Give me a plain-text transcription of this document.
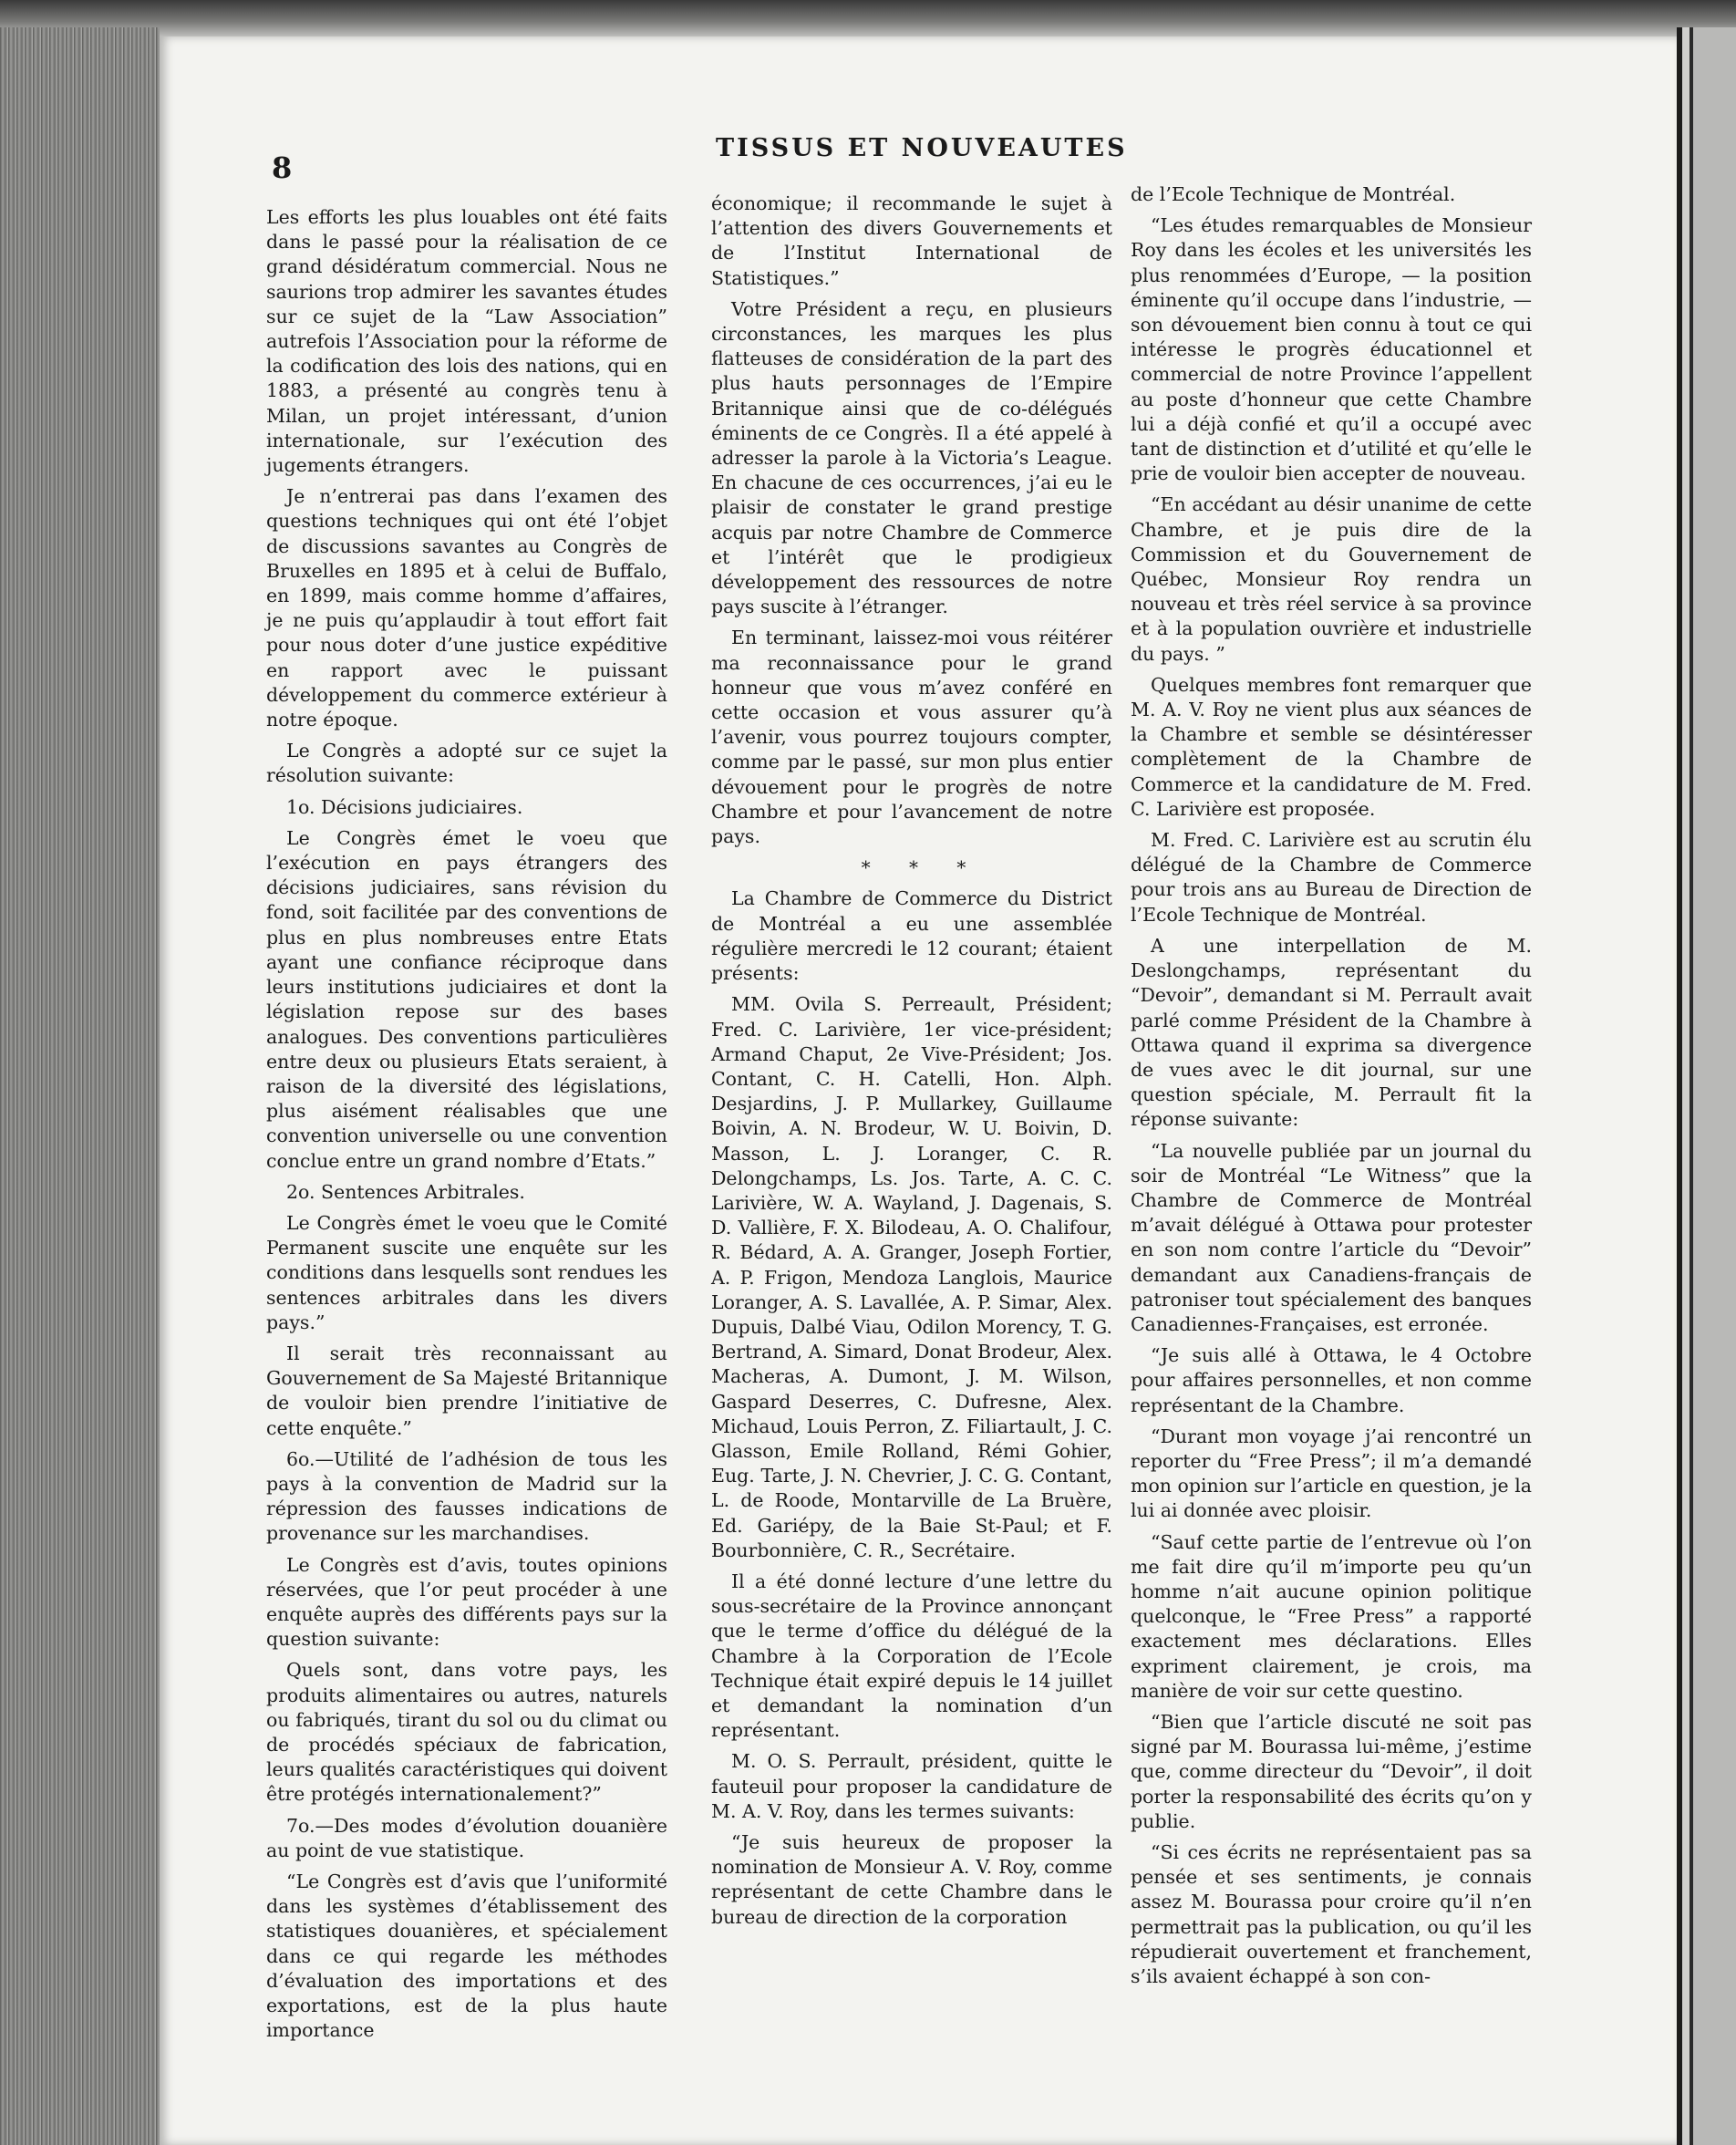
8
TISSUS ET NOUVEAUTES

Les efforts les plus louables ont été faits dans le passé pour la réalisation de ce grand désidératum commercial. Nous ne saurions trop admirer les savantes études sur ce sujet de la “Law Association” autrefois l’Association pour la réforme de la codification des lois des nations, qui en 1883, a présenté au congrès tenu à Milan, un projet intéressant, d’union internationale, sur l’exécution des jugements étrangers.

Je n’entrerai pas dans l’examen des questions techniques qui ont été l’objet de discussions savantes au Congrès de Bruxelles en 1895 et à celui de Buffalo, en 1899, mais comme homme d’affaires, je ne puis qu’applaudir à tout effort fait pour nous doter d’une justice expéditive en rapport avec le puissant développement du commerce extérieur à notre époque.

Le Congrès a adopté sur ce sujet la résolution suivante:

1o. Décisions judiciaires.

Le Congrès émet le voeu que l’exécution en pays étrangers des décisions judiciaires, sans révision du fond, soit facilitée par des conventions de plus en plus nombreuses entre Etats ayant une confiance réciproque dans leurs institutions judiciaires et dont la législation repose sur des bases analogues. Des conventions particulières entre deux ou plusieurs Etats seraient, à raison de la diversité des législations, plus aisément réalisables que une convention universelle ou une convention conclue entre un grand nombre d’Etats.”

2o. Sentences Arbitrales.

Le Congrès émet le voeu que le Comité Permanent suscite une enquête sur les conditions dans lesquells sont rendues les sentences arbitrales dans les divers pays.”

Il serait très reconnaissant au Gouvernement de Sa Majesté Britannique de vouloir bien prendre l’initiative de cette enquête.”

6o.—Utilité de l’adhésion de tous les pays à la convention de Madrid sur la répression des fausses indications de provenance sur les marchandises.

Le Congrès est d’avis, toutes opinions réservées, que l’or peut procéder à une enquête auprès des différents pays sur la question suivante:

Quels sont, dans votre pays, les produits alimentaires ou autres, naturels ou fabriqués, tirant du sol ou du climat ou de procédés spéciaux de fabrication, leurs qualités caractéristiques qui doivent être protégés internationalement?”

7o.—Des modes d’évolution douanière au point de vue statistique.

“Le Congrès est d’avis que l’uniformité dans les systèmes d’établissement des statistiques douanières, et spécialement dans ce qui regarde les méthodes d’évaluation des importations et des exportations, est de la plus haute importance

économique; il recommande le sujet à l’attention des divers Gouvernements et de l’Institut International de Statistiques.”

Votre Président a reçu, en plusieurs circonstances, les marques les plus flatteuses de considération de la part des plus hauts personnages de l’Empire Britannique ainsi que de co-délégués éminents de ce Congrès. Il a été appelé à adresser la parole à la Victoria’s League. En chacune de ces occurrences, j’ai eu le plaisir de constater le grand prestige acquis par notre Chambre de Commerce et l’intérêt que le prodigieux développement des ressources de notre pays suscite à l’étranger.

En terminant, laissez-moi vous réitérer ma reconnaissance pour le grand honneur que vous m’avez conféré en cette occasion et vous assurer qu’à l’avenir, vous pourrez toujours compter, comme par le passé, sur mon plus entier dévouement pour le progrès de notre Chambre et pour l’avancement de notre pays.

* * *

La Chambre de Commerce du District de Montréal a eu une assemblée régulière mercredi le 12 courant; étaient présents:

MM. Ovila S. Perreault, Président; Fred. C. Larivière, 1er vice-président; Armand Chaput, 2e Vive-Président; Jos. Contant, C. H. Catelli, Hon. Alph. Desjardins, J. P. Mullarkey, Guillaume Boivin, A. N. Brodeur, W. U. Boivin, D. Masson, L. J. Loranger, C. R. Delongchamps, Ls. Jos. Tarte, A. C. C. Larivière, W. A. Wayland, J. Dagenais, S. D. Vallière, F. X. Bilodeau, A. O. Chalifour, R. Bédard, A. A. Granger, Joseph Fortier, A. P. Frigon, Mendoza Langlois, Maurice Loranger, A. S. Lavallée, A. P. Simar, Alex. Dupuis, Dalbé Viau, Odilon Morency, T. G. Bertrand, A. Simard, Donat Brodeur, Alex. Macheras, A. Dumont, J. M. Wilson, Gaspard Deserres, C. Dufresne, Alex. Michaud, Louis Perron, Z. Filiartault, J. C. Glasson, Emile Rolland, Rémi Gohier, Eug. Tarte, J. N. Chevrier, J. C. G. Contant, L. de Roode, Montarville de La Bruère, Ed. Gariépy, de la Baie St-Paul; et F. Bourbonnière, C. R., Secrétaire.

Il a été donné lecture d’une lettre du sous-secrétaire de la Province annonçant que le terme d’office du délégué de la Chambre à la Corporation de l’Ecole Technique était expiré depuis le 14 juillet et demandant la nomination d’un représentant.

M. O. S. Perrault, président, quitte le fauteuil pour proposer la candidature de M. A. V. Roy, dans les termes suivants:

“Je suis heureux de proposer la nomination de Monsieur A. V. Roy, comme représentant de cette Chambre dans le bureau de direction de la corporation

de l’Ecole Technique de Montréal.

“Les études remarquables de Monsieur Roy dans les écoles et les universités les plus renommées d’Europe, — la position éminente qu’il occupe dans l’industrie, — son dévouement bien connu à tout ce qui intéresse le progrès éducationnel et commercial de notre Province l’appellent au poste d’honneur que cette Chambre lui a déjà confié et qu’il a occupé avec tant de distinction et d’utilité et qu’elle le prie de vouloir bien accepter de nouveau.

“En accédant au désir unanime de cette Chambre, et je puis dire de la Commission et du Gouvernement de Québec, Monsieur Roy rendra un nouveau et très réel service à sa province et à la population ouvrière et industrielle du pays. ”

Quelques membres font remarquer que M. A. V. Roy ne vient plus aux séances de la Chambre et semble se désintéresser complètement de la Chambre de Commerce et la candidature de M. Fred. C. Larivière est proposée.

M. Fred. C. Larivière est au scrutin élu délégué de la Chambre de Commerce pour trois ans au Bureau de Direction de l’Ecole Technique de Montréal.

A une interpellation de M. Deslongchamps, représentant du “Devoir”, demandant si M. Perrault avait parlé comme Président de la Chambre à Ottawa quand il exprima sa divergence de vues avec le dit journal, sur une question spéciale, M. Perrault fit la réponse suivante:

“La nouvelle publiée par un journal du soir de Montréal “Le Witness” que la Chambre de Commerce de Montréal m’avait délégué à Ottawa pour protester en son nom contre l’article du “Devoir” demandant aux Canadiens-français de patroniser tout spécialement des banques Canadiennes-Françaises, est erronée.

“Je suis allé à Ottawa, le 4 Octobre pour affaires personnelles, et non comme représentant de la Chambre.

“Durant mon voyage j’ai rencontré un reporter du “Free Press”; il m’a demandé mon opinion sur l’article en question, je la lui ai donnée avec ploisir.

“Sauf cette partie de l’entrevue où l’on me fait dire qu’il m’importe peu qu’un homme n’ait aucune opinion politique quelconque, le “Free Press” a rapporté exactement mes déclarations. Elles expriment clairement, je crois, ma manière de voir sur cette questino.

“Bien que l’article discuté ne soit pas signé par M. Bourassa lui-même, j’estime que, comme directeur du “Devoir”, il doit porter la responsabilité des écrits qu’on y publie.

“Si ces écrits ne représentaient pas sa pensée et ses sentiments, je connais assez M. Bourassa pour croire qu’il n’en permettrait pas la publication, ou qu’il les répudierait ouvertement et franchement, s’ils avaient échappé à son con-
